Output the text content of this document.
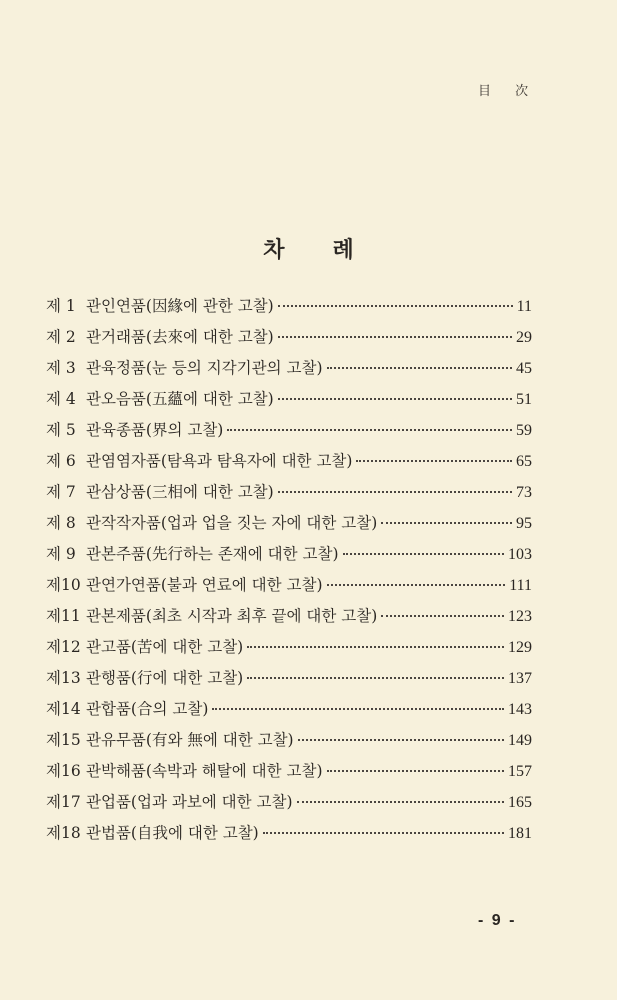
目 次
차 례
제 1 관인연품(因緣에 관한 고찰)	11
제 2 관거래품(去來에 대한 고찰)	29
제 3 관육정품(눈 등의 지각기관의 고찰)	45
제 4 관오음품(五蘊에 대한 고찰)	51
제 5 관육종품(界의 고찰)	59
제 6 관염염자품(탐욕과 탐욕자에 대한 고찰)	65
제 7 관삼상품(三相에 대한 고찰)	73
제 8 관작작자품(업과 업을 짓는 자에 대한 고찰)	95
제 9 관본주품(先行하는 존재에 대한 고찰)	103
제10 관연가연품(불과 연료에 대한 고찰)	111
제11 관본제품(최초 시작과 최후 끝에 대한 고찰)	123
제12 관고품(苦에 대한 고찰)	129
제13 관행품(行에 대한 고찰)	137
제14 관합품(合의 고찰)	143
제15 관유무품(有와 無에 대한 고찰)	149
제16 관박해품(속박과 해탈에 대한 고찰)	157
제17 관업품(업과 과보에 대한 고찰)	165
제18 관법품(自我에 대한 고찰)	181
- 9 -
